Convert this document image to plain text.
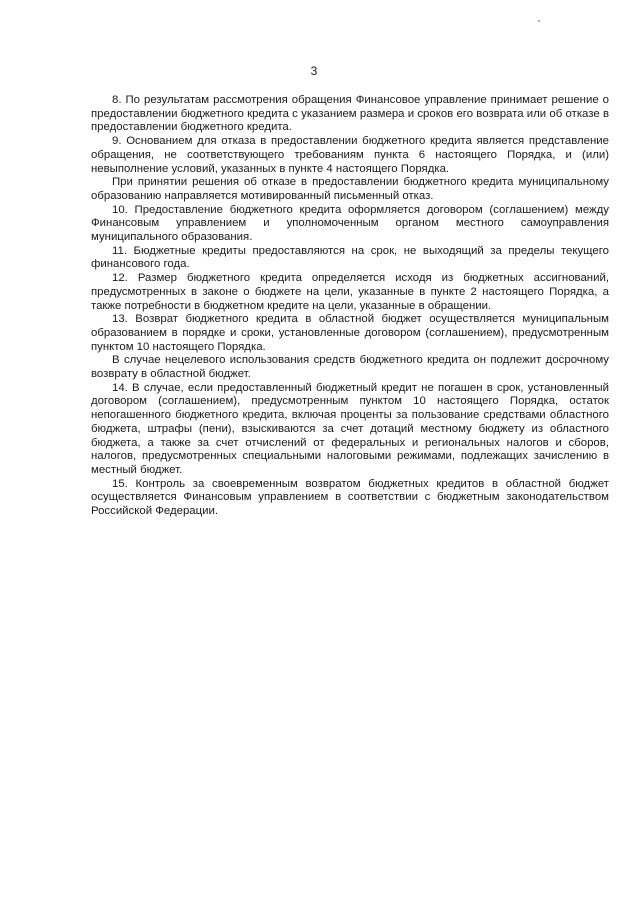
3

8. По результатам рассмотрения обращения Финансовое управление принимает решение о предоставлении бюджетного кредита с указанием размера и сроков его возврата или об отказе в предоставлении бюджетного кредита.

9. Основанием для отказа в предоставлении бюджетного кредита является представление обращения, не соответствующего требованиям пункта 6 настоящего Порядка, и (или) невыполнение условий, указанных в пункте 4 настоящего Порядка.

При принятии решения об отказе в предоставлении бюджетного кредита муниципальному образованию направляется мотивированный письменный отказ.

10. Предоставление бюджетного кредита оформляется договором (соглашением) между Финансовым управлением и уполномоченным органом местного самоуправления муниципального образования.

11. Бюджетные кредиты предоставляются на срок, не выходящий за пределы текущего финансового года.

12. Размер бюджетного кредита определяется исходя из бюджетных ассигнований, предусмотренных в законе о бюджете на цели, указанные в пункте 2 настоящего Порядка, а также потребности в бюджетном кредите на цели, указанные в обращении.

13. Возврат бюджетного кредита в областной бюджет осуществляется муниципальным образованием в порядке и сроки, установленные договором (соглашением), предусмотренным пунктом 10 настоящего Порядка.

В случае нецелевого использования средств бюджетного кредита он подлежит досрочному возврату в областной бюджет.

14. В случае, если предоставленный бюджетный кредит не погашен в срок, установленный договором (соглашением), предусмотренным пунктом 10 настоящего Порядка, остаток непогашенного бюджетного кредита, включая проценты за пользование средствами областного бюджета, штрафы (пени), взыскиваются за счет дотаций местному бюджету из областного бюджета, а также за счет отчислений от федеральных и региональных налогов и сборов, налогов, предусмотренных специальными налоговыми режимами, подлежащих зачислению в местный бюджет.

15. Контроль за своевременным возвратом бюджетных кредитов в областной бюджет осуществляется Финансовым управлением в соответствии с бюджетным законодательством Российской Федерации.
